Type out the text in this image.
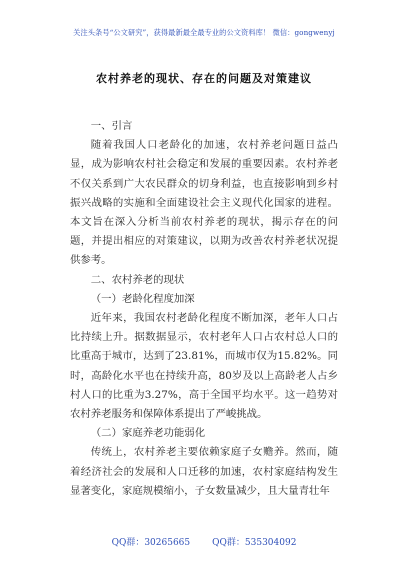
关注头条号“公文研究”，获得最新最全最专业的公文资料库！ 微信：gongwenyj
农村养老的现状、存在的问题及对策建议
一、引言

随着我国人口老龄化的加速，农村养老问题日益凸显，成为影响农村社会稳定和发展的重要因素。农村养老不仅关系到广大农民群众的切身利益，也直接影响到乡村振兴战略的实施和全面建设社会主义现代化国家的进程。本文旨在深入分析当前农村养老的现状，揭示存在的问题，并提出相应的对策建议，以期为改善农村养老状况提供参考。

二、农村养老的现状
（一）老龄化程度加深

近年来，我国农村老龄化程度不断加深，老年人口占比持续上升。据数据显示，农村老年人口占农村总人口的比重高于城市，达到了23.81%，而城市仅为15.82%。同时，高龄化水平也在持续升高，80岁及以上高龄老人占乡村人口的比重为3.27%，高于全国平均水平。这一趋势对农村养老服务和保障体系提出了严峻挑战。

（二）家庭养老功能弱化

传统上，农村养老主要依赖家庭子女赡养。然而，随着经济社会的发展和人口迁移的加速，农村家庭结构发生显著变化，家庭规模缩小，子女数量减少，且大量青壮年

QQ群：30265665 QQ群：535304092
